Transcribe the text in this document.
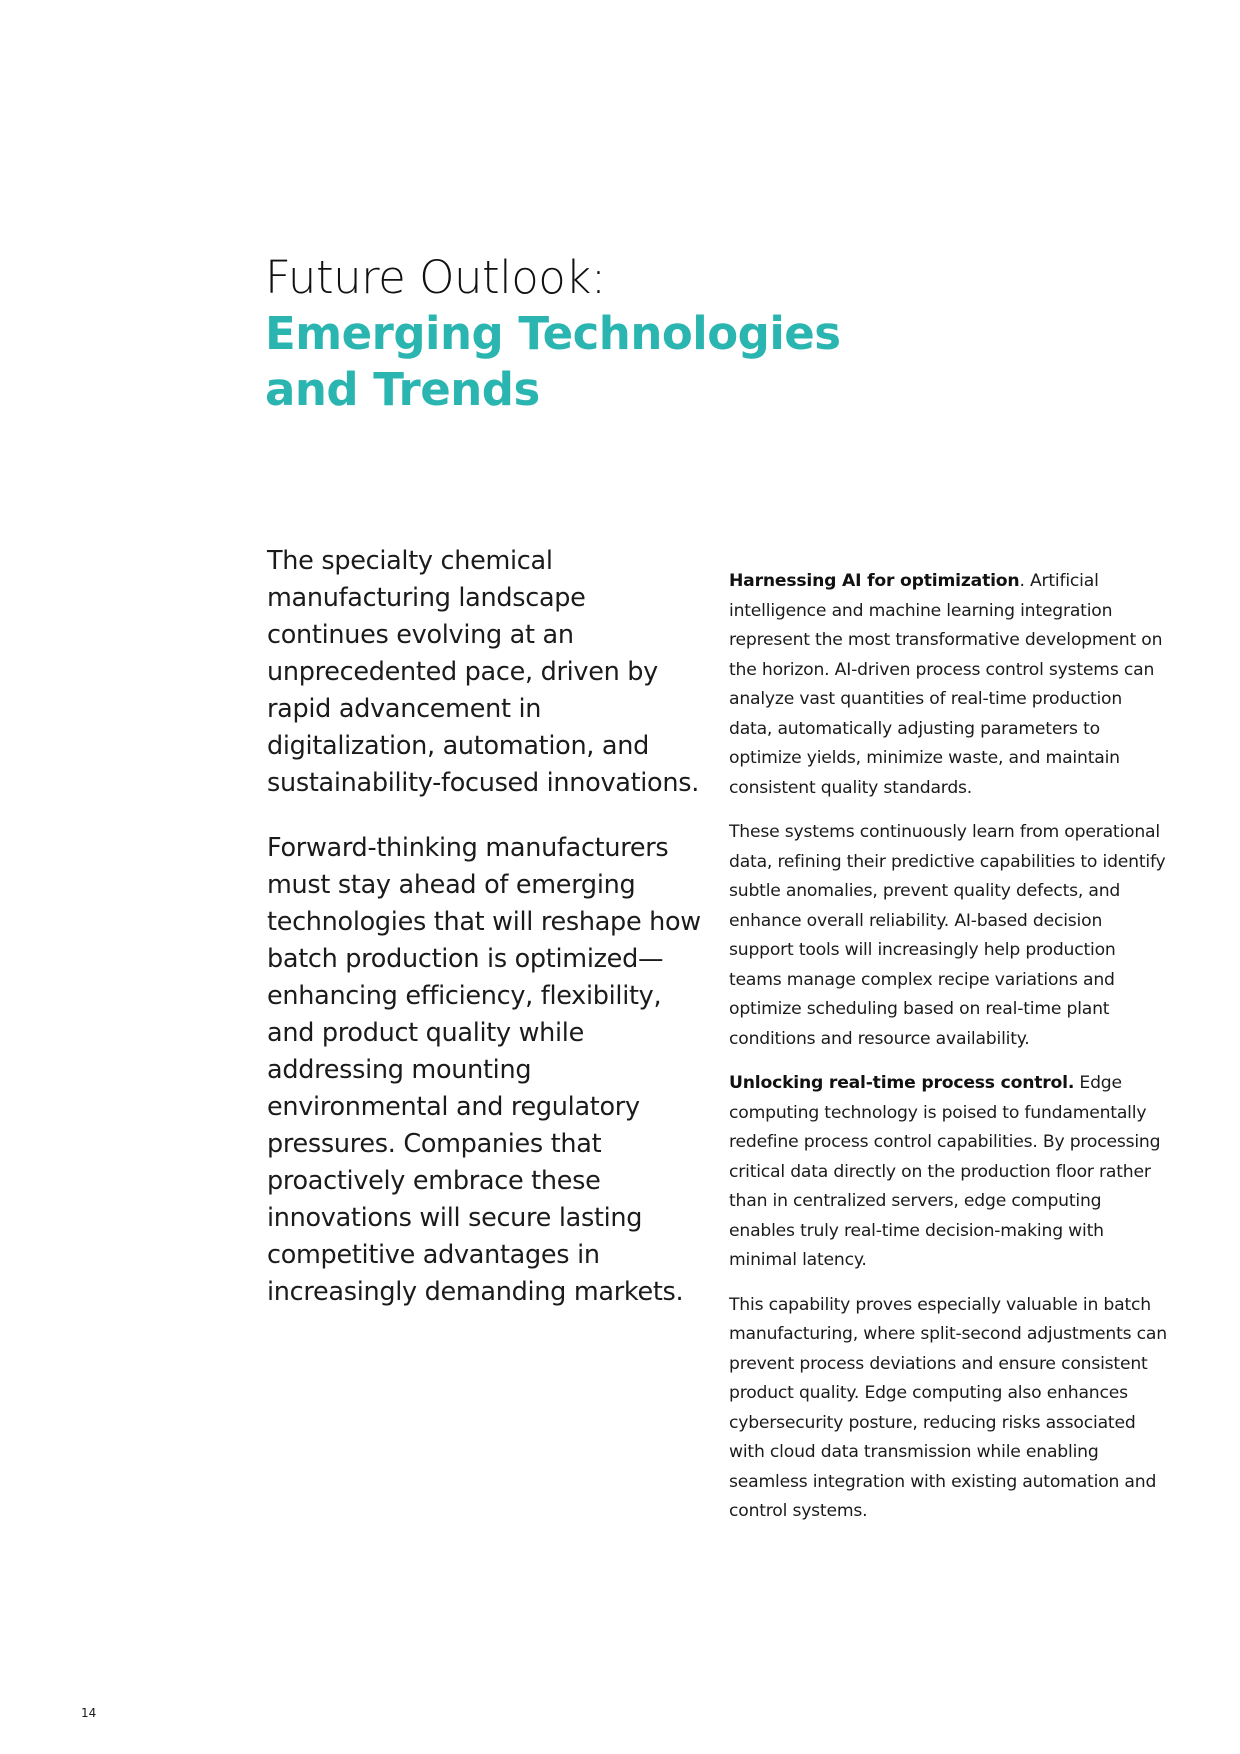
Future Outlook:
Emerging Technologies
and Trends

The specialty chemical manufacturing landscape continues evolving at an unprecedented pace, driven by rapid advancement in digitalization, automation, and sustainability-focused innovations.

Forward-thinking manufacturers must stay ahead of emerging technologies that will reshape how batch production is optimized—enhancing efficiency, flexibility, and product quality while addressing mounting environmental and regulatory pressures. Companies that proactively embrace these innovations will secure lasting competitive advantages in increasingly demanding markets.

Harnessing AI for optimization. Artificial intelligence and machine learning integration represent the most transformative development on the horizon. AI-driven process control systems can analyze vast quantities of real-time production data, automatically adjusting parameters to optimize yields, minimize waste, and maintain consistent quality standards.

These systems continuously learn from operational data, refining their predictive capabilities to identify subtle anomalies, prevent quality defects, and enhance overall reliability. AI-based decision support tools will increasingly help production teams manage complex recipe variations and optimize scheduling based on real-time plant conditions and resource availability.

Unlocking real-time process control. Edge computing technology is poised to fundamentally redefine process control capabilities. By processing critical data directly on the production floor rather than in centralized servers, edge computing enables truly real-time decision-making with minimal latency.

This capability proves especially valuable in batch manufacturing, where split-second adjustments can prevent process deviations and ensure consistent product quality. Edge computing also enhances cybersecurity posture, reducing risks associated with cloud data transmission while enabling seamless integration with existing automation and control systems.

14
